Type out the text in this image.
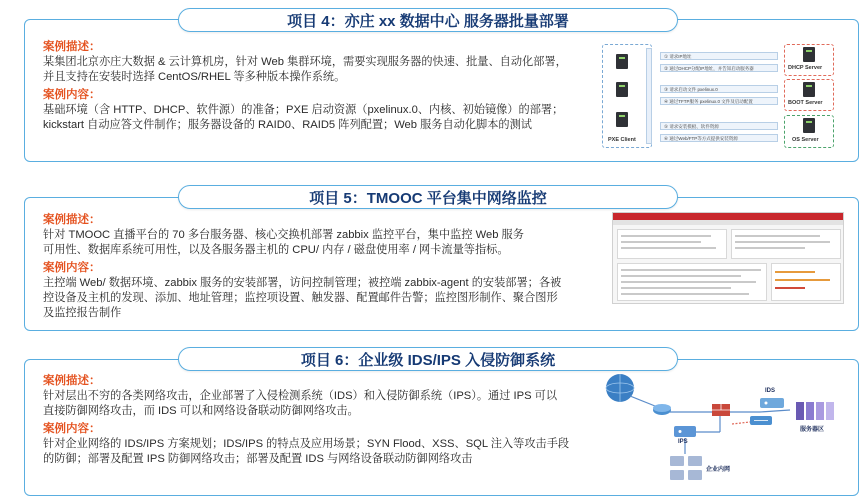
项目 4：亦庄 xx 数据中心 服务器批量部署
案例描述：
某集团北京亦庄大数据 & 云计算机房，针对 Web 集群环境，需要实现服务器的快速、批量、自动化部署，
并且支持在安装时选择 CentOS/RHEL 等多种版本操作系统。
案例内容：
基础环境（含 HTTP、DHCP、软件源）的准备；PXE 启动资源（pxelinux.0、内核、初始镜像）的部署；
kickstart 自动应答文件制作；服务器设备的 RAID0、RAID5 阵列配置；Web 服务自动化脚本的测试
PXE Client
① 请求IP地址
② 通过DHCP分配IP地址，并告知启动服务器
③ 请求启动文件 pxelinux.0
④ 通过TFTP服务 pxelinux.0 文件及启动配置
⑤ 请求安装模板、软件资源
⑥ 通过Web/FTP等方式提供安装资源
DHCP Server
BOOT Server
OS Server
项目 5：TMOOC 平台集中网络监控
案例描述：
针对 TMOOC 直播平台的 70 多台服务器、核心交换机部署 zabbix 监控平台，集中监控 Web 服务
可用性、数据库系统可用性，以及各服务器主机的 CPU/ 内存 / 磁盘使用率 / 网卡流量等指标。
案例内容：
主控端 Web/ 数据环境、zabbix 服务的安装部署，访问控制管理；被控端 zabbix-agent 的安装部署；各被
控设备及主机的发现、添加、地址管理；监控项设置、触发器、配置邮件告警；监控图形制作、聚合图形
及监控报告制作
项目 6：企业级 IDS/IPS 入侵防御系统
案例描述：
针对层出不穷的各类网络攻击，企业部署了入侵检测系统（IDS）和入侵防御系统（IPS）。通过 IPS 可以
直接防御网络攻击，而 IDS 可以和网络设备联动防御网络攻击。
案例内容：
针对企业网络的 IDS/IPS 方案规划；IDS/IPS 的特点及应用场景；SYN Flood、XSS、SQL 注入等攻击手段
的防御；部署及配置 IPS 防御网络攻击；部署及配置 IDS 与网络设备联动防御网络攻击
IDS
IPS
服务器区
企业内网
